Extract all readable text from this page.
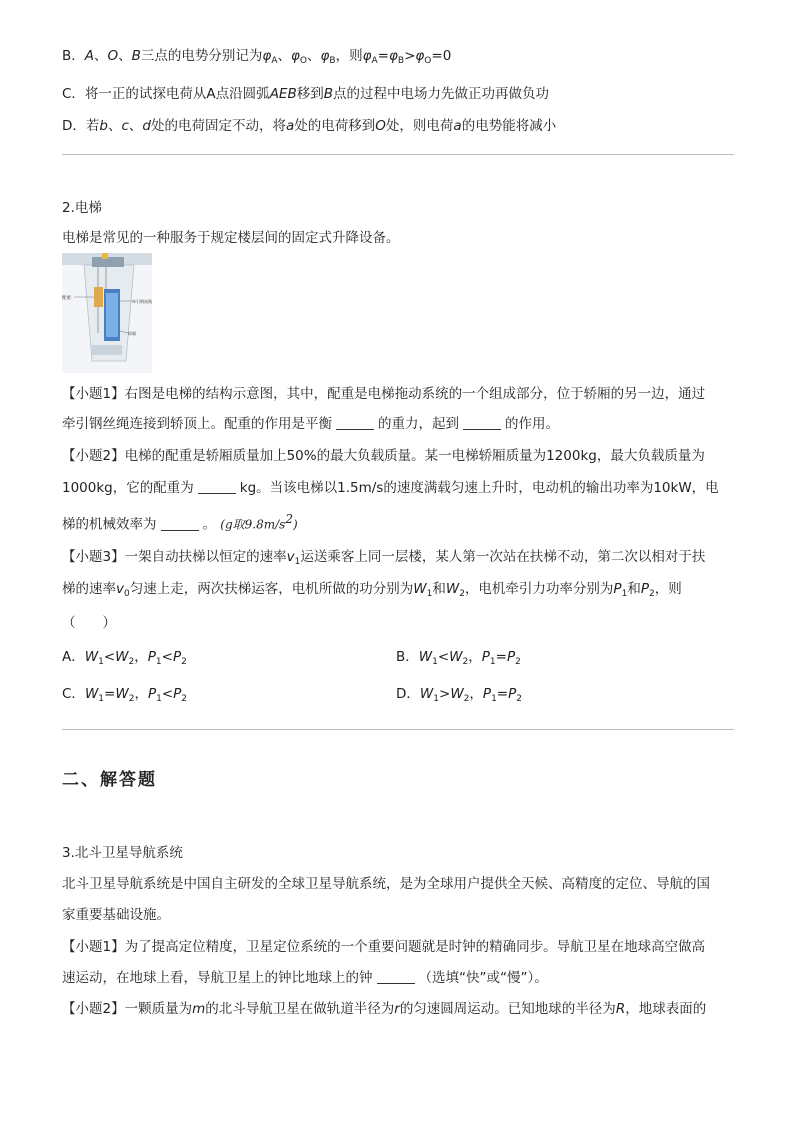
B．A、O、B三点的电势分别记为$\varphi_A$、$\varphi_O$、$\varphi_B$，则$\varphi_A=\varphi_B>\varphi_O=0$
C．将一正的试探电荷从A点沿圆弧AEB移到B点的过程中电场力先做正功再做负功
D．若b、c、d处的电荷固定不动，将a处的电荷移到O处，则电荷a的电势能将减小
2.电梯
电梯是常见的一种服务于规定楼层间的固定式升降设备。
配重
牵引钢丝绳
轿厢
【小题1】右图是电梯的结构示意图，其中，配重是电梯拖动系统的一个组成部分，位于轿厢的另一边，通过
牵引钢丝绳连接到轿顶上。配重的作用是平衡	的重力，起到	的作用。
【小题2】电梯的配重是轿厢质量加上50%的最大负载质量。某一电梯轿厢质量为1200kg，最大负载质量为
1000kg，它的配重为	kg。当该电梯以1.5m/s的速度满载匀速上升时，电动机的输出功率为10kW，电
梯的机械效率为	。 (g取$9.8m/s^2$)
【小题3】一架自动扶梯以恒定的速率$v_1$运送乘客上同一层楼，某人第一次站在扶梯不动，第二次以相对于扶
梯的速率$v_0$匀速上走，两次扶梯运客，电机所做的功分别为$W_1$和$W_2$，电机牵引力功率分别为$P_1$和$P_2$，则
（　　）
A．$W_1<W_2$，$P_1<P_2$	B．$W_1<W_2$，$P_1=P_2$
C．$W_1=W_2$，$P_1<P_2$	D．$W_1>W_2$，$P_1=P_2$
二、解答题
3.北斗卫星导航系统
北斗卫星导航系统是中国自主研发的全球卫星导航系统，是为全球用户提供全天候、高精度的定位、导航的国
家重要基础设施。
【小题1】为了提高定位精度，卫星定位系统的一个重要问题就是时钟的精确同步。导航卫星在地球高空做高
速运动，在地球上看，导航卫星上的钟比地球上的钟	（选填“快”或“慢”）。
【小题2】一颗质量为m的北斗导航卫星在做轨道半径为r的匀速圆周运动。已知地球的半径为R，地球表面的
